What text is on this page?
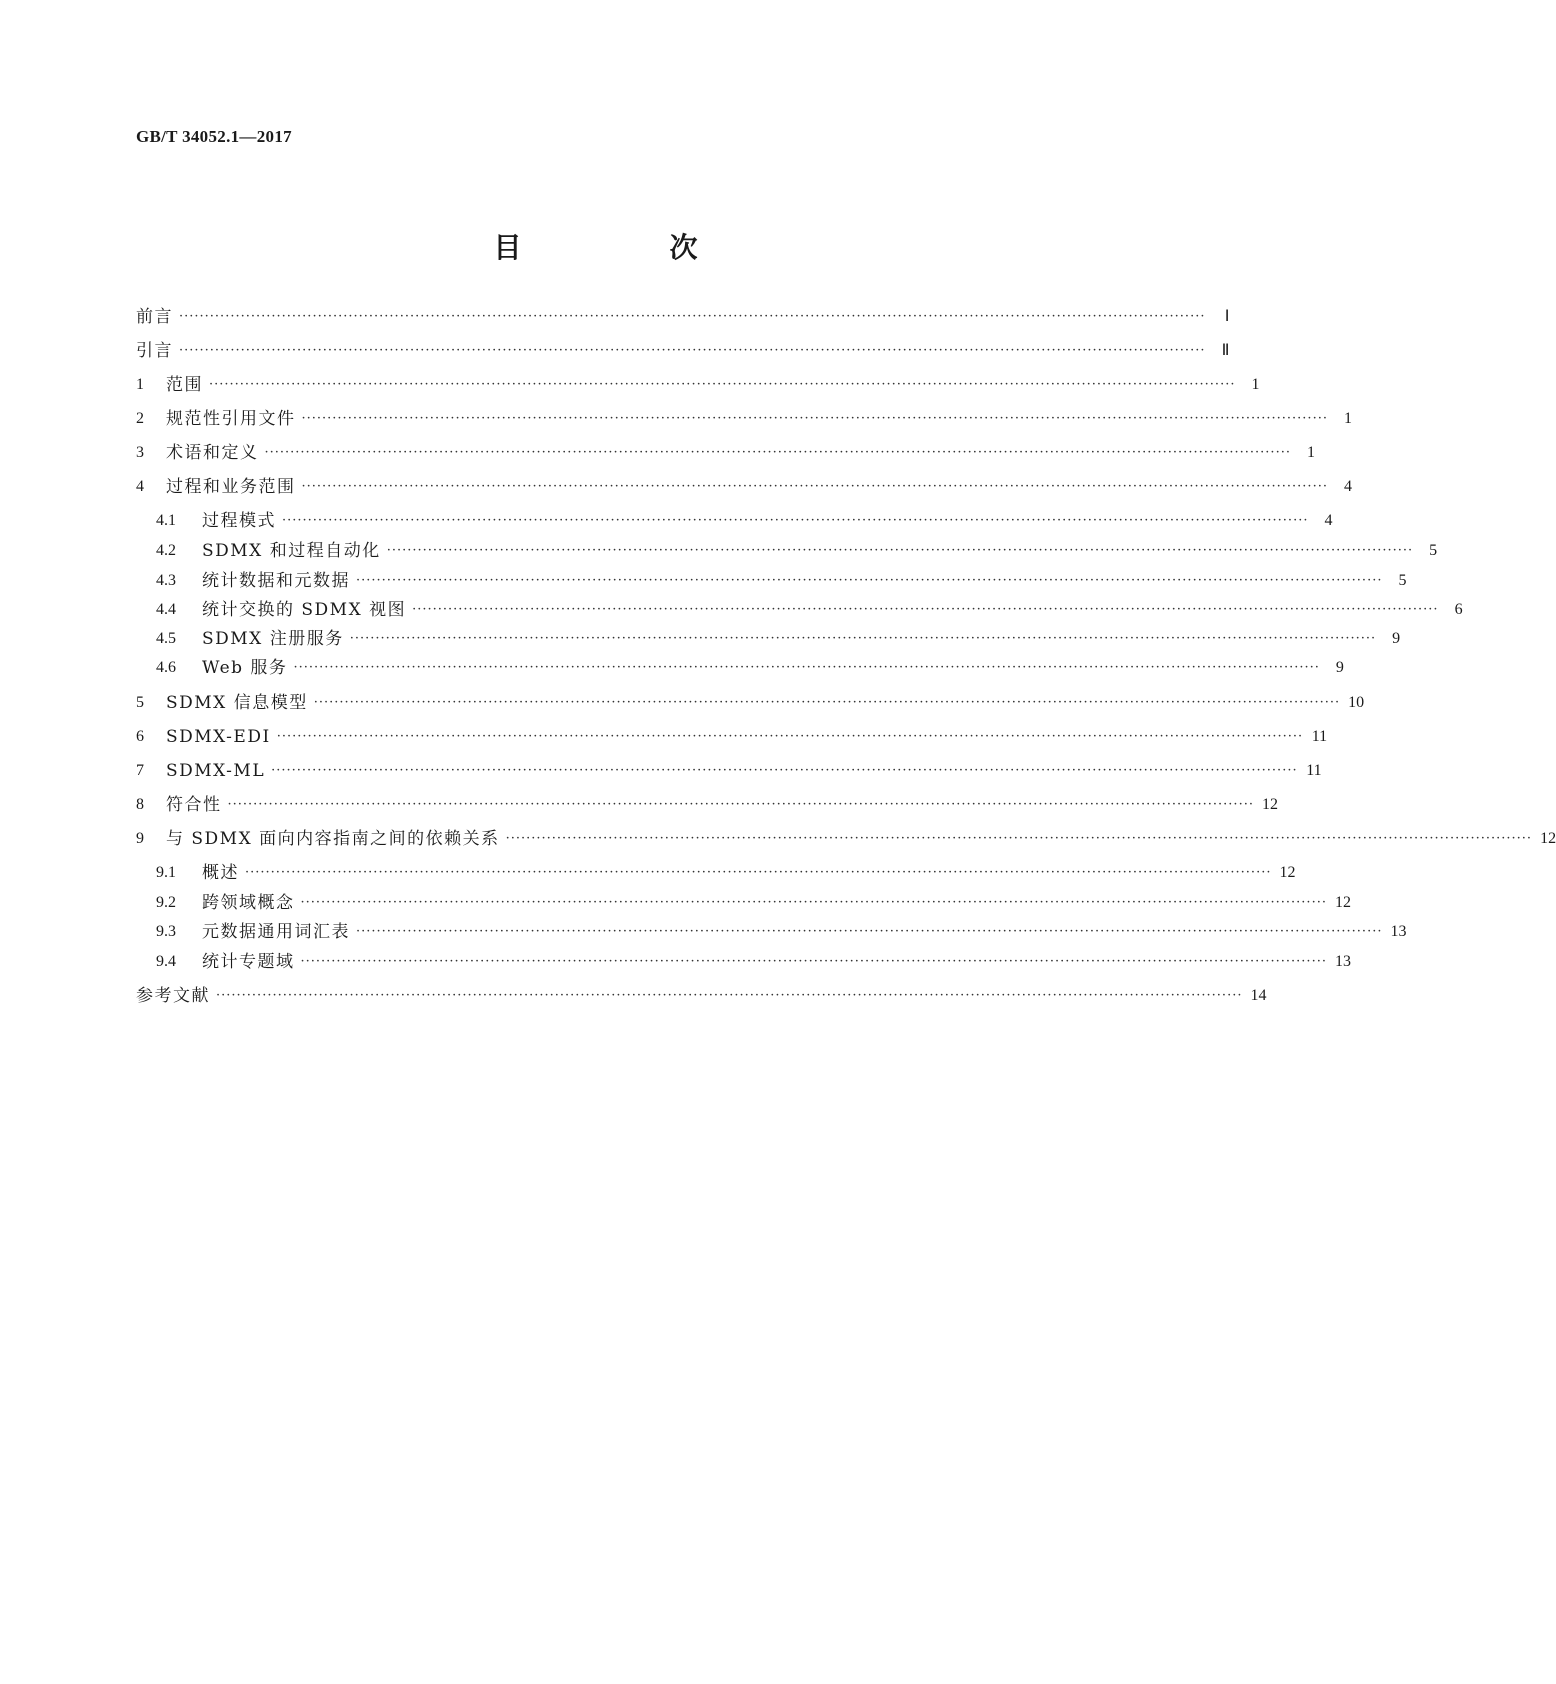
GB/T 34052.1—2017
目　次
前言 ········································································································································································································	Ⅰ
引言 ········································································································································································································	Ⅱ
1	范围 ········································································································································································································	1
2	规范性引用文件 ········································································································································································································	1
3	术语和定义 ········································································································································································································	1
4	过程和业务范围 ········································································································································································································	4
4.1	过程模式 ········································································································································································································	4
4.2	SDMX 和过程自动化 ········································································································································································································	5
4.3	统计数据和元数据 ········································································································································································································	5
4.4	统计交换的 SDMX 视图 ········································································································································································································	6
4.5	SDMX 注册服务 ········································································································································································································	9
4.6	Web 服务 ········································································································································································································	9
5	SDMX 信息模型 ········································································································································································································ 10
6	SDMX-EDI ········································································································································································································ 11
7	SDMX-ML ········································································································································································································ 11
8	符合性 ········································································································································································································ 12
9	与 SDMX 面向内容指南之间的依赖关系 ········································································································································································································ 12
9.1	概述 ········································································································································································································ 12
9.2	跨领域概念 ········································································································································································································ 12
9.3	元数据通用词汇表 ········································································································································································································ 13
9.4	统计专题域 ········································································································································································································ 13
参考文献 ········································································································································································································ 14
